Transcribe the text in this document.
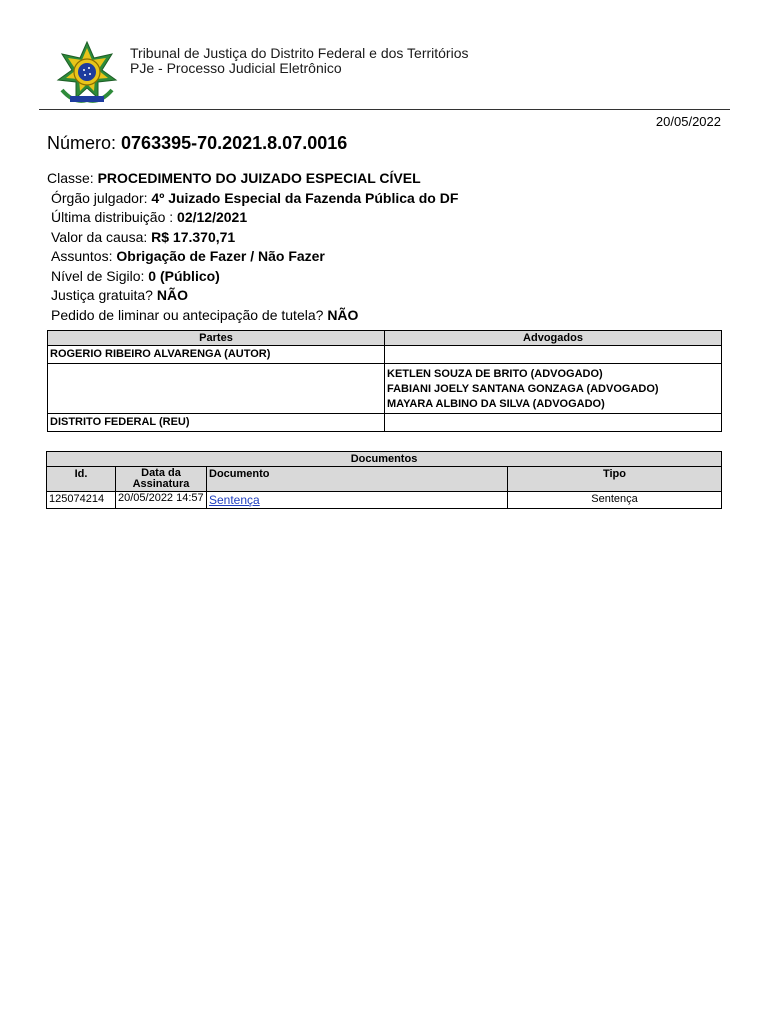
Tribunal de Justiça do Distrito Federal e dos Territórios
PJe - Processo Judicial Eletrônico
20/05/2022
Número: 0763395-70.2021.8.07.0016
Classe: PROCEDIMENTO DO JUIZADO ESPECIAL CÍVEL
Órgão julgador: 4º Juizado Especial da Fazenda Pública do DF
Última distribuição : 02/12/2021
Valor da causa: R$ 17.370,71
Assuntos: Obrigação de Fazer / Não Fazer
Nível de Sigilo: 0 (Público)
Justiça gratuita? NÃO
Pedido de liminar ou antecipação de tutela? NÃO
Partes	Advogados
ROGERIO RIBEIRO ALVARENGA (AUTOR)	
	KETLEN SOUZA DE BRITO (ADVOGADO)
FABIANI JOELY SANTANA GONZAGA (ADVOGADO)
MAYARA ALBINO DA SILVA (ADVOGADO)
DISTRITO FEDERAL (REU)	
Documentos			
Id.	Data da Assinatura	Documento	Tipo
125074214	20/05/2022 14:57	Sentença	Sentença
